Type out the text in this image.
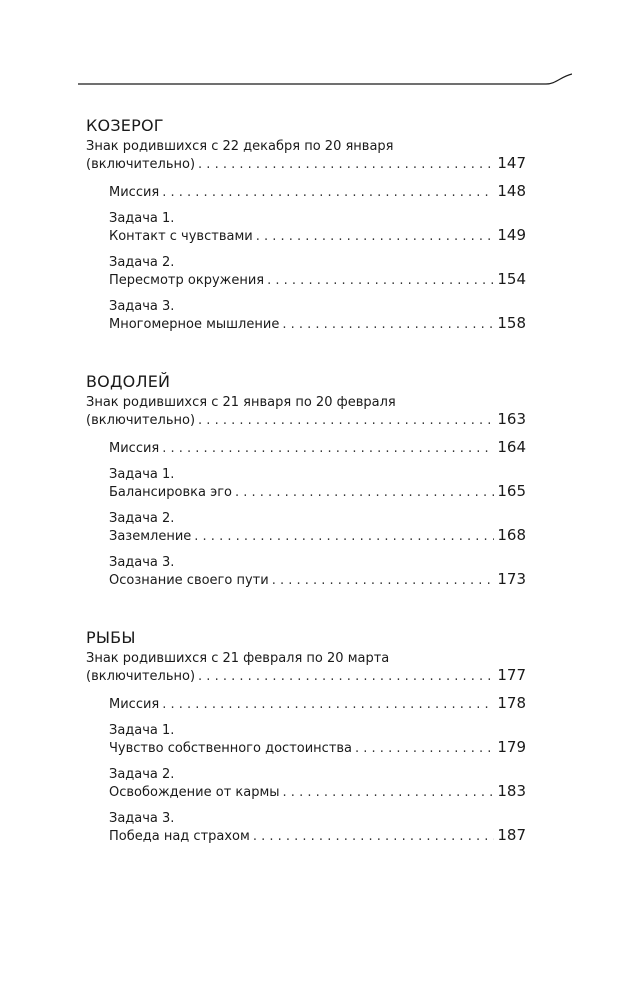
КОЗЕРОГ
Знак родившихся с 22 декабря по 20 января
(включительно) . . .	147
Миссия . . .	148
Задача 1.
Контакт с чувствами . . .	149
Задача 2.
Пересмотр окружения . . .	154
Задача 3.
Многомерное мышление . . .	158
ВОДОЛЕЙ
Знак родившихся с 21 января по 20 февраля
(включительно) . . .	163
Миссия . . .	164
Задача 1.
Балансировка эго . . .	165
Задача 2.
Заземление . . .	168
Задача 3.
Осознание своего пути . . .	173
РЫБЫ
Знак родившихся с 21 февраля по 20 марта
(включительно) . . .	177
Миссия . . .	178
Задача 1.
Чувство собственного достоинства . . .	179
Задача 2.
Освобождение от кармы . . .	183
Задача 3.
Победа над страхом . . .	187
